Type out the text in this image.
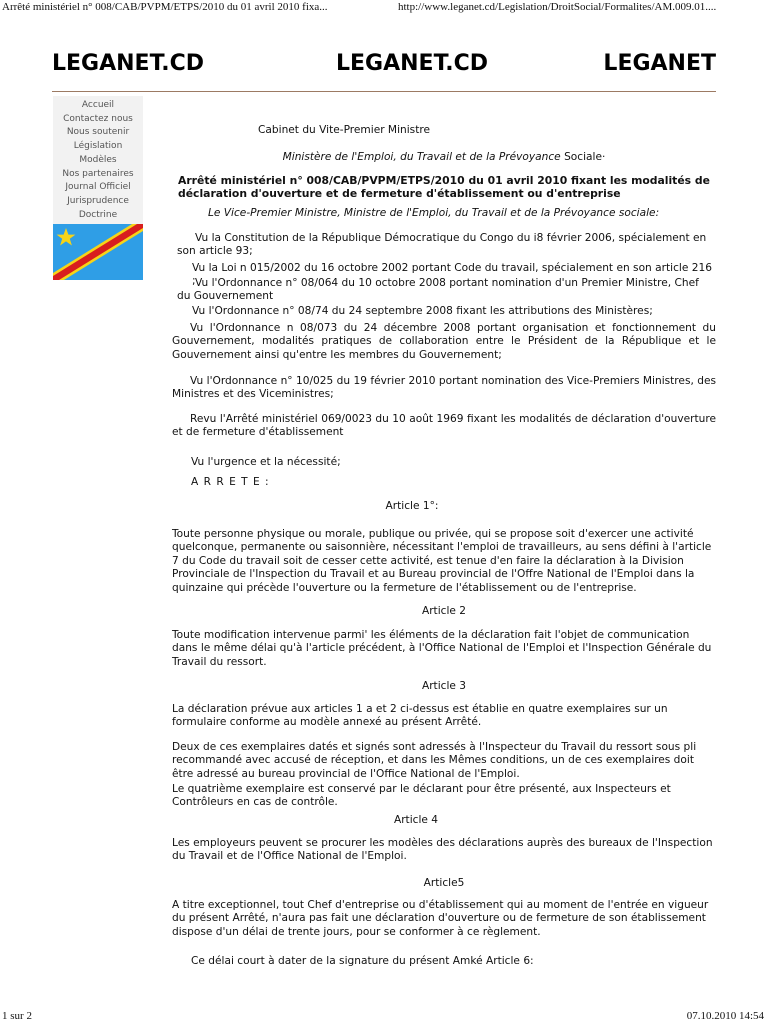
Arrêté ministériel n° 008/CAB/PVPM/ETPS/2010 du 01 avril 2010 fixa...	http://www.leganet.cd/Legislation/DroitSocial/Formalites/AM.009.01....
LEGANET.CD	LEGANET.CD	LEGANET
Accueil
Contactez nous
Nous soutenir
Législation
Modèles
Nos partenaires
Journal Officiel
Jurisprudence
Doctrine
Cabinet du Vite-Premier Ministre
Ministère de l'Emploi, du Travail et de la Prévoyance Sociale·
Arrêté ministériel n° 008/CAB/PVPM/ETPS/2010 du 01 avril 2010 fixant les modalités de déclaration d'ouverture et de fermeture d'établissement ou d'entreprise
Le Vice-Premier Ministre, Ministre de l'Emploi, du Travail et de la Prévoyance sociale:
Vu la Constitution de la République Démocratique du Congo du i8 février 2006, spécialement en son article 93;
Vu la Loi n 015/2002 du 16 octobre 2002 portant Code du travail, spécialement en son article 216 ; Vu l'Ordonnance n° 08/064 du 10 octobre 2008 portant nomination d'un Premier Ministre, Chef du Gouvernement
Vu l'Ordonnance n° 08/74 du 24 septembre 2008 fixant les attributions des Ministères;
Vu l'Ordonnance n 08/073 du 24 décembre 2008 portant organisation et fonctionnement du Gouvernement, modalités pratiques de collaboration entre le Président de la République et le Gouvernement ainsi qu'entre les membres du Gouvernement;
Vu l'Ordonnance n° 10/025 du 19 février 2010 portant nomination des Vice-Premiers Ministres, des Ministres et des Viceministres;
Revu l'Arrêté ministériel 069/0023 du 10 août 1969 fixant les modalités de déclaration d'ouverture et de fermeture d'établissement
Vu l'urgence et la nécessité;
A R R E T E :
Article 1°:
Toute personne physique ou morale, publique ou privée, qui se propose soit d'exercer une activité quelconque, permanente ou saisonnière, nécessitant l'emploi de travailleurs, au sens défini à l'article 7 du Code du travail soit de cesser cette activité, est tenue d'en faire la déclaration à la Division Provinciale de l'Inspection du Travail et au Bureau provincial de l'Offre National de l'Emploi dans la quinzaine qui précède l'ouverture ou la fermeture de l'établissement ou de l'entreprise.
Article 2
Toute modification intervenue parmi' les éléments de la déclaration fait l'objet de communication dans le même délai qu'à l'article précédent, à l'Office National de l'Emploi et l'Inspection Générale du Travail du ressort.
Article 3
La déclaration prévue aux articles 1 a et 2 ci-dessus est établie en quatre exemplaires sur un formulaire conforme au modèle annexé au présent Arrêté.
Deux de ces exemplaires datés et signés sont adressés à l'Inspecteur du Travail du ressort sous pli recommandé avec accusé de réception, et dans les Mêmes conditions, un de ces exemplaires doit être adressé au bureau provincial de l'Office National de l'Emploi.
Le quatrième exemplaire est conservé par le déclarant pour être présenté, aux Inspecteurs et Contrôleurs en cas de contrôle.
Article 4
Les employeurs peuvent se procurer les modèles des déclarations auprès des bureaux de l'Inspection du Travail et de l'Office National de l'Emploi.
Article5
A titre exceptionnel, tout Chef d'entreprise ou d'établissement qui au moment de l'entrée en vigueur du présent Arrêté, n'aura pas fait une déclaration d'ouverture ou de fermeture de son établissement dispose d'un délai de trente jours, pour se conformer à ce règlement.
Ce délai court à dater de la signature du présent Amké Article 6:
1 sur 2	07.10.2010 14:54
